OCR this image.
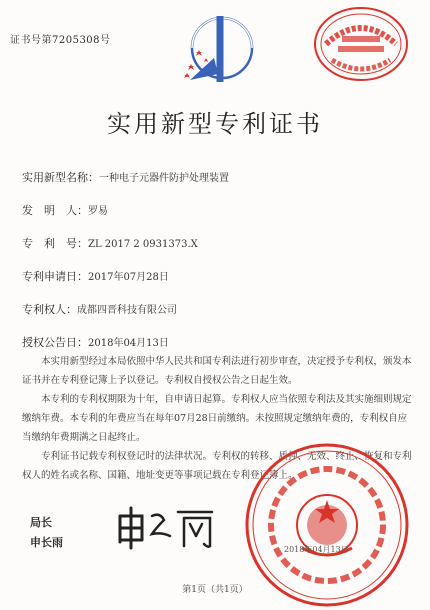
证书号第7205308号
实用新型专利证书
实用新型名称：一种电子元器件防护处理装置
发　明　人：罗易
专　利　号：ZL 2017 2 0931373.X
专利申请日：2017年07月28日
专利权人：成都四晋科技有限公司
授权公告日：2018年04月13日

本实用新型经过本局依照中华人民共和国专利法进行初步审查，决定授予专利权，颁发本证书并在专利登记簿上予以登记。专利权自授权公告之日起生效。

本专利的专利权期限为十年，自申请日起算。专利权人应当依照专利法及其实施细则规定缴纳年费。本专利的年费应当在每年07月28日前缴纳。未按照规定缴纳年费的，专利权自应当缴纳年费期满之日起终止。

专利证书记载专利权登记时的法律状况。专利权的转移、质押、无效、终止、恢复和专利权人的姓名或名称、国籍、地址变更等事项记载在专利登记簿上。

局长
申长雨
2018年04月13日
第1页（共1页）
